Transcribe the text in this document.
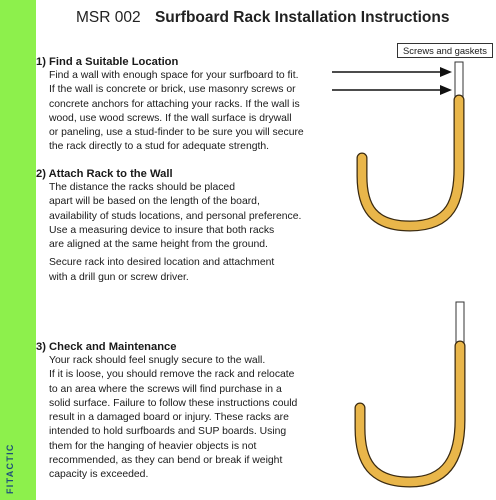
FITACTIC
MSR 002 Surfboard Rack Installation Instructions
1) Find a Suitable Location
Find a wall with enough space for your surfboard to fit.
If the wall is concrete or brick, use masonry screws or
concrete anchors for attaching your racks. If the wall is
wood, use wood screws. If the wall surface is drywall
or paneling, use a stud-finder to be sure you will secure
the rack directly to a stud for adequate strength.
2) Attach Rack to the Wall
The distance the racks should be placed
apart will be based on the length of the board,
availability of studs locations, and personal preference.
Use a measuring device to insure that both racks
are aligned at the same height from the ground.
Secure rack into desired location and attachment
with a drill gun or screw driver.
3) Check and Maintenance
Your rack should feel snugly secure to the wall.
If it is loose, you should remove the rack and relocate
to an area where the screws will find purchase in a
solid surface. Failure to follow these instructions could
result in a damaged board or injury. These racks are
intended to hold surfboards and SUP boards. Using
them for the hanging of heavier objects is not
recommended, as they can bend or break if weight
capacity is exceeded.
Screws and gaskets
